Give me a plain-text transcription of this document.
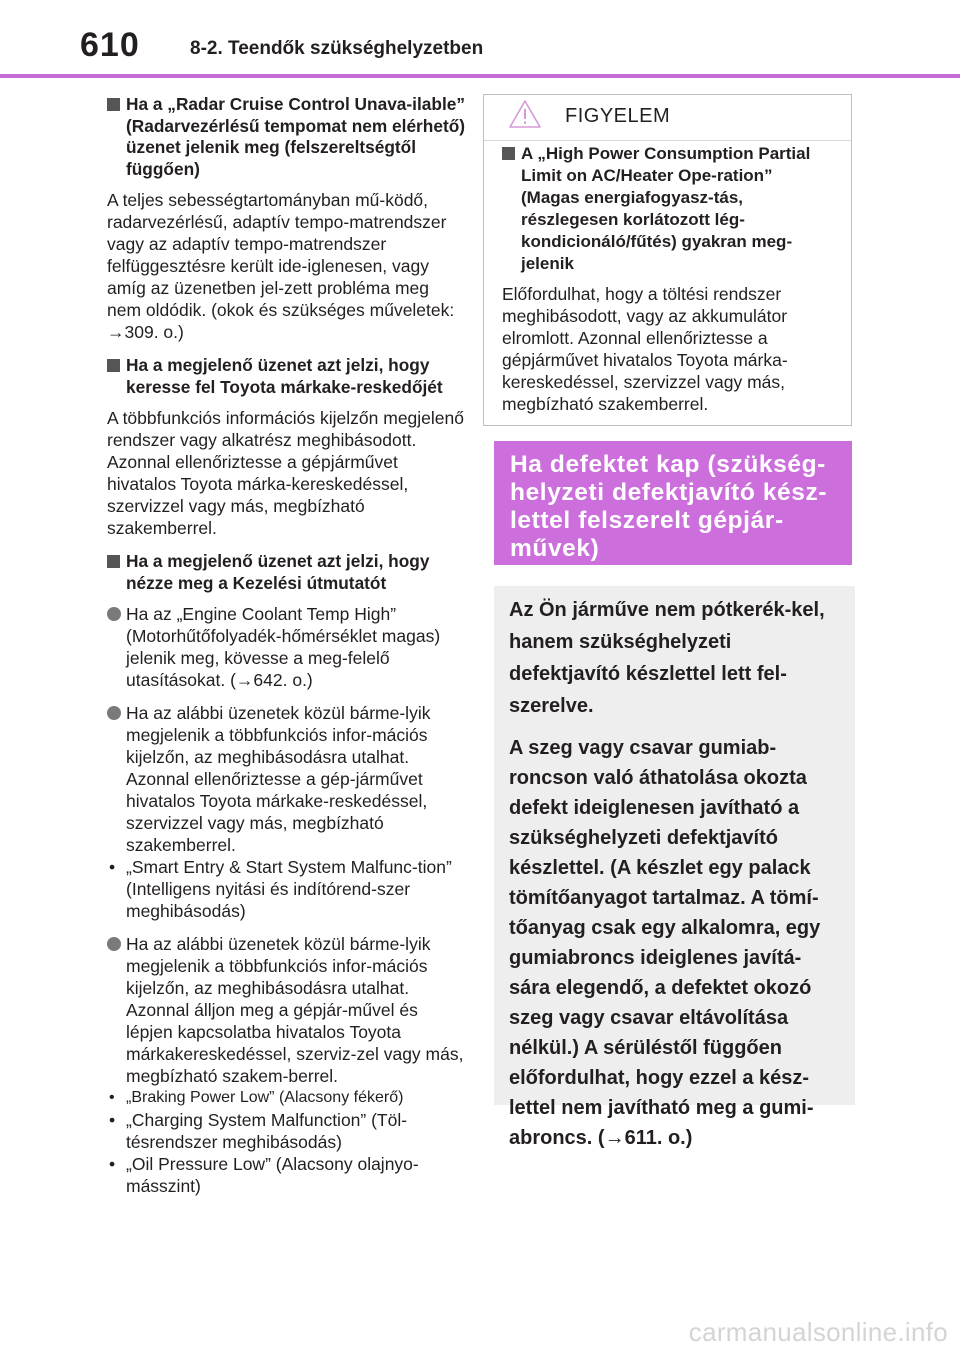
610	8-2. Teendők szükséghelyzetben
Ha a „Radar Cruise Control Unava-ilable” (Radarvezérlésű tempomat nem elérhető) üzenet jelenik meg (felszereltségtől függően)

A teljes sebességtartományban mű-ködő, radarvezérlésű, adaptív tempo-matrendszer vagy az adaptív tempo-matrendszer felfüggesztésre került ide-iglenesen, vagy amíg az üzenetben jel-zett probléma meg nem oldódik. (okok és szükséges műveletek: →309. o.)

Ha a megjelenő üzenet azt jelzi, hogy keresse fel Toyota márkake-reskedőjét

A többfunkciós információs kijelzőn megjelenő rendszer vagy alkatrész meghibásodott. Azonnal ellenőriztesse a gépjárművet hivatalos Toyota márka-kereskedéssel, szervizzel vagy más, megbízható szakemberrel.

Ha a megjelenő üzenet azt jelzi, hogy nézze meg a Kezelési útmutatót
Ha az „Engine Coolant Temp High” (Motorhűtőfolyadék-hőmérséklet magas) jelenik meg, kövesse a meg-felelő utasításokat. (→642. o.)
Ha az alábbi üzenetek közül bárme-lyik megjelenik a többfunkciós infor-mációs kijelzőn, az meghibásodásra utalhat. Azonnal ellenőriztesse a gép-járművet hivatalos Toyota márkake-reskedéssel, szervizzel vagy más, megbízható szakemberrel.
• „Smart Entry & Start System Malfunc-tion” (Intelligens nyitási és indítórend-szer meghibásodás)
Ha az alábbi üzenetek közül bárme-lyik megjelenik a többfunkciós infor-mációs kijelzőn, az meghibásodásra utalhat. Azonnal álljon meg a gépjár-művel és lépjen kapcsolatba hivatalos Toyota márkakereskedéssel, szerviz-zel vagy más, megbízható szakem-berrel.
• „Braking Power Low” (Alacsony fékerő)
• „Charging System Malfunction” (Töl-tésrendszer meghibásodás)
• „Oil Pressure Low” (Alacsony olajnyo-másszint)
FIGYELEM
A „High Power Consumption Partial Limit on AC/Heater Ope-ration” (Magas energiafogyasz-tás, részlegesen korlátozott lég-kondicionáló/fűtés) gyakran meg-jelenik

Előfordulhat, hogy a töltési rendszer meghibásodott, vagy az akkumulátor elromlott. Azonnal ellenőriztesse a gépjárművet hivatalos Toyota márka-kereskedéssel, szervizzel vagy más, megbízható szakemberrel.

Ha defektet kap (szükség-helyzeti defektjavító kész-lettel felszerelt gépjár-művek)

Az Ön járműve nem pótkerék-kel, hanem szükséghelyzeti defektjavító készlettel lett fel-szerelve.

A szeg vagy csavar gumiab-roncson való áthatolása okozta defekt ideiglenesen javítható a szükséghelyzeti defektjavító készlettel. (A készlet egy palack tömítőanyagot tartalmaz. A tömí-tőanyag csak egy alkalomra, egy gumiabroncs ideiglenes javítá-sára elegendő, a defektet okozó szeg vagy csavar eltávolítása nélkül.) A sérüléstől függően előfordulhat, hogy ezzel a kész-lettel nem javítható meg a gumi-abroncs. (→611. o.)

carmanualsonline.info
